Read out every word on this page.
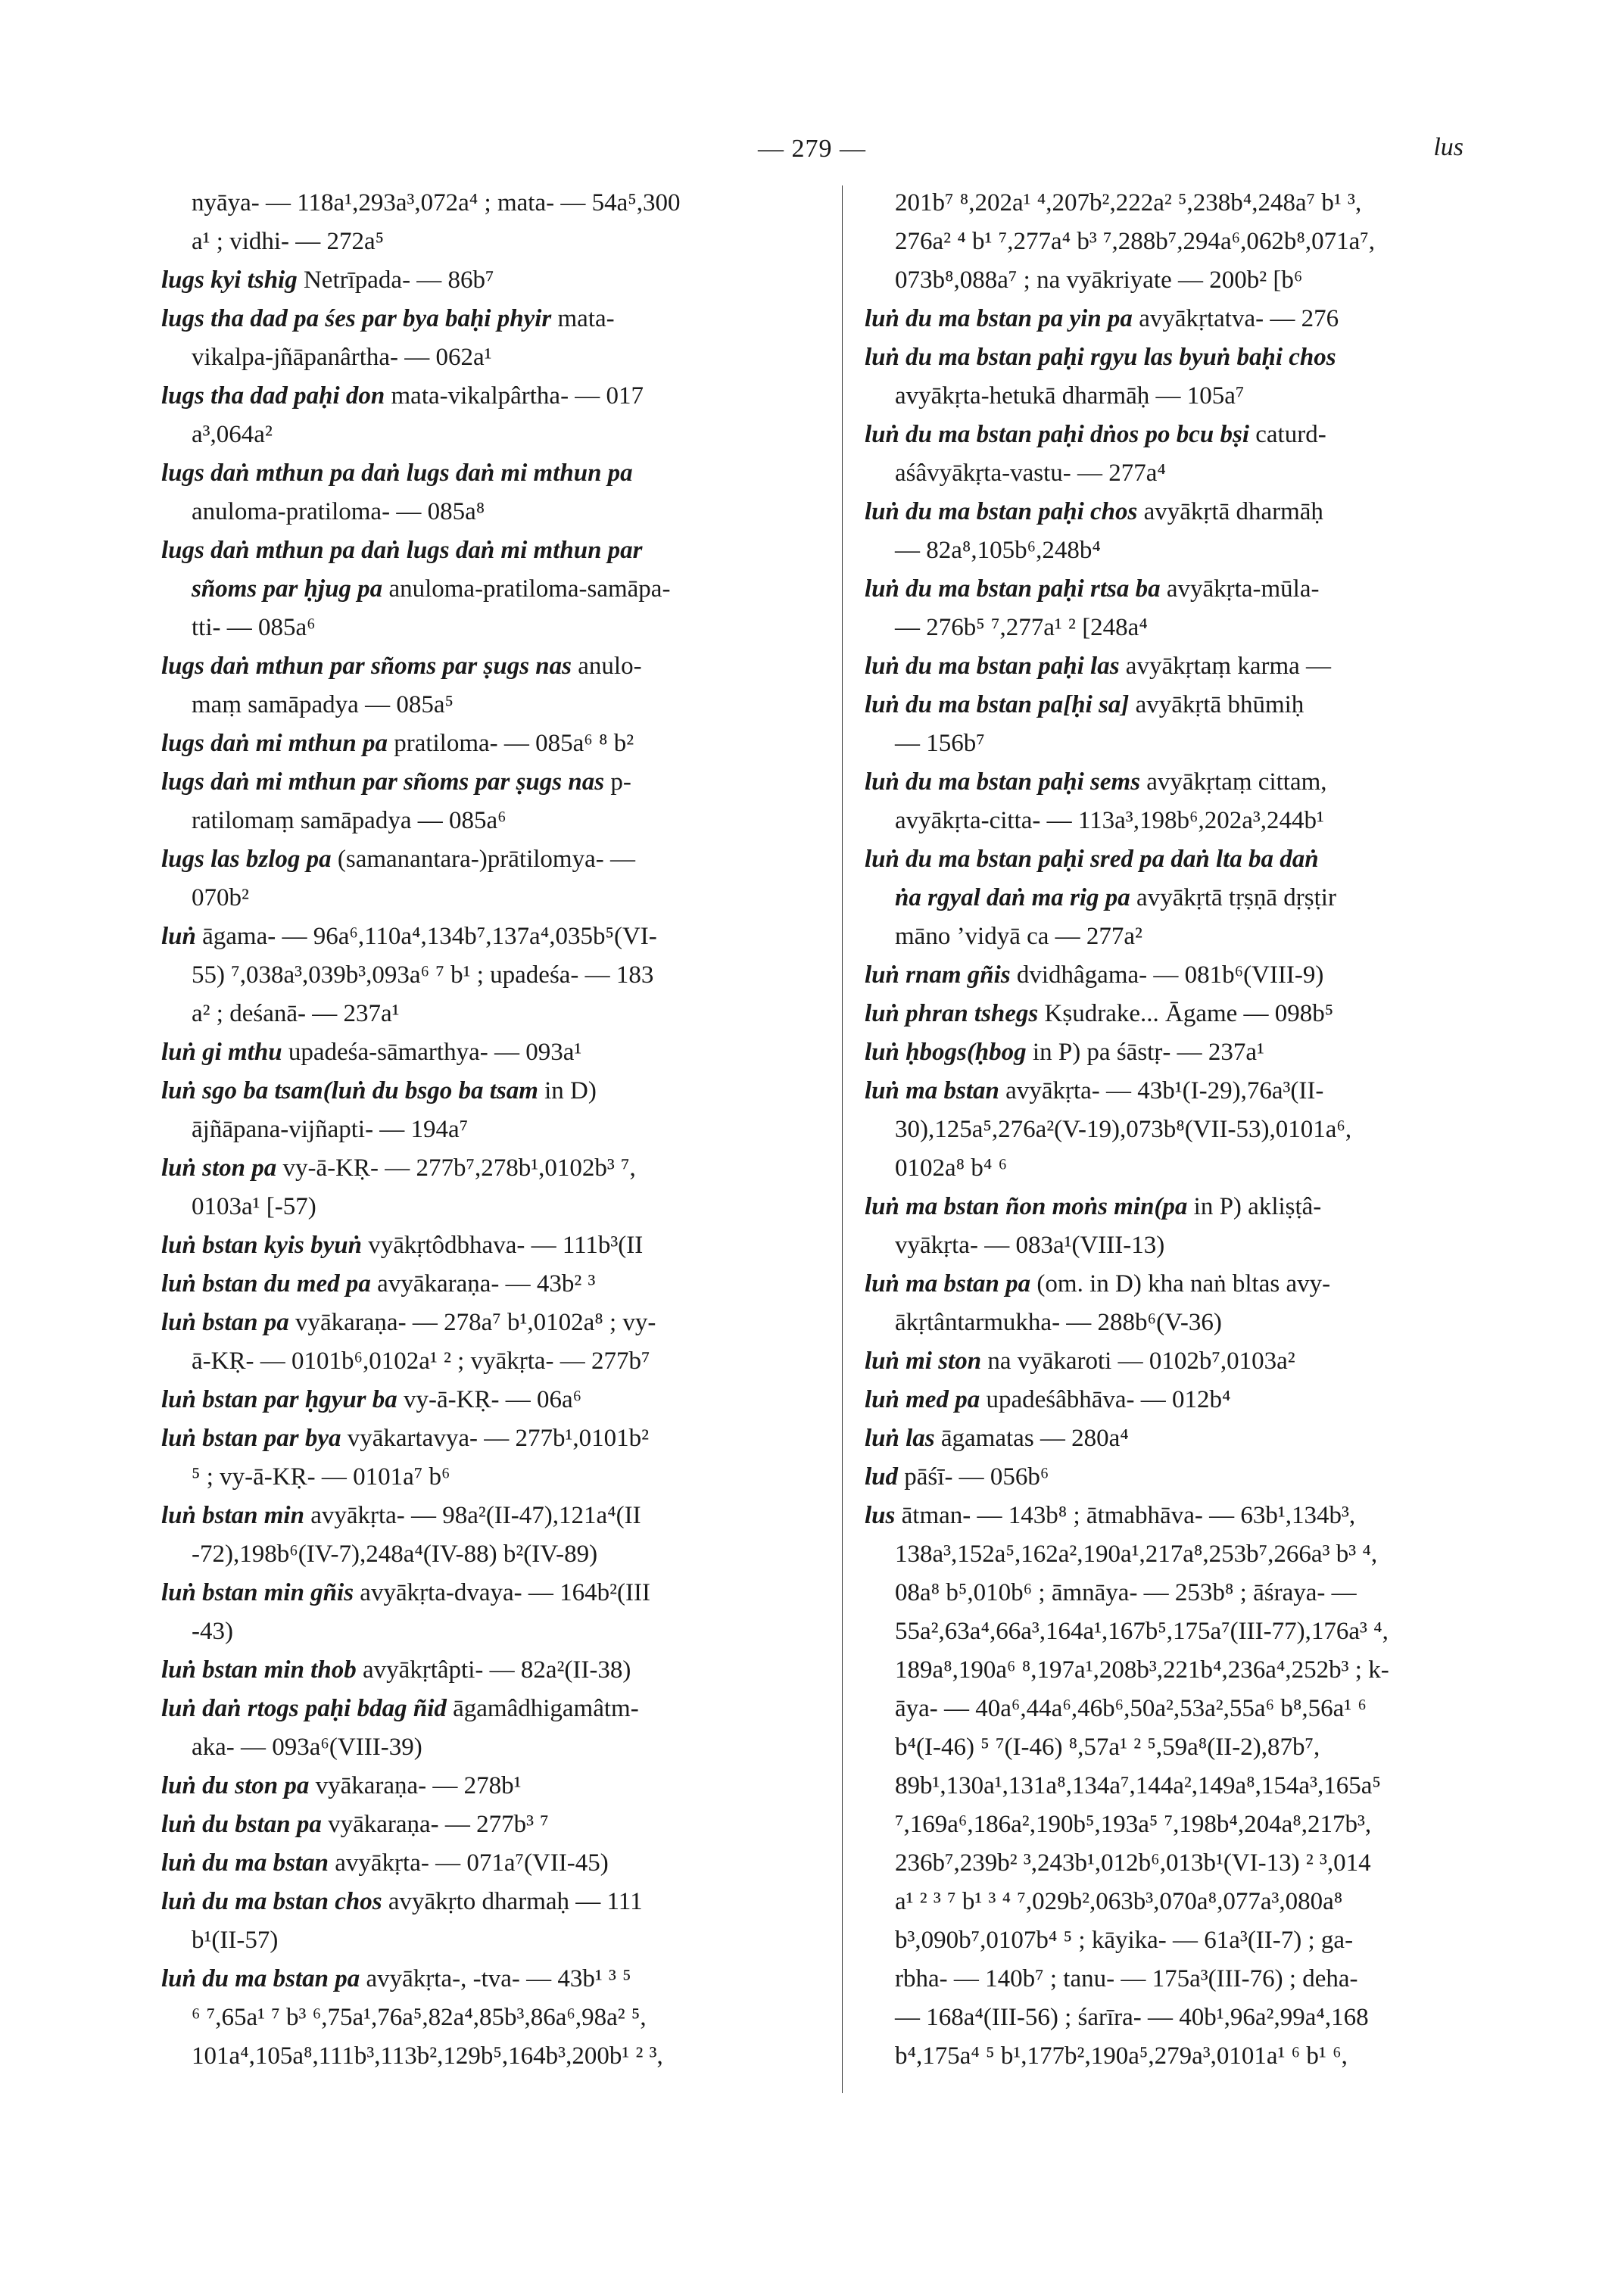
— 279 —	lus
nyāya- — 118a¹,293a³,072a⁴ ; mata- — 54a⁵,300
a¹ ; vidhi- — 272a⁵
lugs kyi tshig Netrīpada- — 86b⁷
lugs tha dad pa śes par bya baḥi phyir mata-
vikalpa-jñāpanârtha- — 062a¹
lugs tha dad paḥi don mata-vikalpârtha- — 017
a³,064a²
lugs daṅ mthun pa daṅ lugs daṅ mi mthun pa
anuloma-pratiloma- — 085a⁸
lugs daṅ mthun pa daṅ lugs daṅ mi mthun par
sñoms par ḥjug pa anuloma-pratiloma-samāpa-
tti- — 085a⁶
lugs daṅ mthun par sñoms par ṣugs nas anulo-
maṃ samāpadya — 085a⁵
lugs daṅ mi mthun pa pratiloma- — 085a⁶ ⁸ b²
lugs daṅ mi mthun par sñoms par ṣugs nas p-
ratilomaṃ samāpadya — 085a⁶
lugs las bzlog pa (samanantara-)prātilomya- —
070b²
luṅ āgama- — 96a⁶,110a⁴,134b⁷,137a⁴,035b⁵(VI-
55) ⁷,038a³,039b³,093a⁶ ⁷ b¹ ; upadeśa- — 183
a² ; deśanā- — 237a¹
luṅ gi mthu upadeśa-sāmarthya- — 093a¹
luṅ sgo ba tsam(luṅ du bsgo ba tsam in D)
ājñāpana-vijñapti- — 194a⁷
luṅ ston pa vy-ā-KṚ- — 277b⁷,278b¹,0102b³ ⁷,
0103a¹ [-57)
luṅ bstan kyis byuṅ vyākṛtôdbhava- — 111b³(II
luṅ bstan du med pa avyākaraṇa- — 43b² ³
luṅ bstan pa vyākaraṇa- — 278a⁷ b¹,0102a⁸ ; vy-
ā-KṚ- — 0101b⁶,0102a¹ ² ; vyākṛta- — 277b⁷
luṅ bstan par ḥgyur ba vy-ā-KṚ- — 06a⁶
luṅ bstan par bya vyākartavya- — 277b¹,0101b²
⁵ ; vy-ā-KṚ- — 0101a⁷ b⁶
luṅ bstan min avyākṛta- — 98a²(II-47),121a⁴(II
-72),198b⁶(IV-7),248a⁴(IV-88) b²(IV-89)
luṅ bstan min gñis avyākṛta-dvaya- — 164b²(III
-43)
luṅ bstan min thob avyākṛtâpti- — 82a²(II-38)
luṅ daṅ rtogs paḥi bdag ñid āgamâdhigamâtm-
aka- — 093a⁶(VIII-39)
luṅ du ston pa vyākaraṇa- — 278b¹
luṅ du bstan pa vyākaraṇa- — 277b³ ⁷
luṅ du ma bstan avyākṛta- — 071a⁷(VII-45)
luṅ du ma bstan chos avyākṛto dharmaḥ — 111
b¹(II-57)
luṅ du ma bstan pa avyākṛta-, -tva- — 43b¹ ³ ⁵
⁶ ⁷,65a¹ ⁷ b³ ⁶,75a¹,76a⁵,82a⁴,85b³,86a⁶,98a² ⁵,
101a⁴,105a⁸,111b³,113b²,129b⁵,164b³,200b¹ ² ³,
201b⁷ ⁸,202a¹ ⁴,207b²,222a² ⁵,238b⁴,248a⁷ b¹ ³,
276a² ⁴ b¹ ⁷,277a⁴ b³ ⁷,288b⁷,294a⁶,062b⁸,071a⁷,
073b⁸,088a⁷ ; na vyākriyate — 200b² [b⁶
luṅ du ma bstan pa yin pa avyākṛtatva- — 276
luṅ du ma bstan paḥi rgyu las byuṅ baḥi chos
avyākṛta-hetukā dharmāḥ — 105a⁷
luṅ du ma bstan paḥi dṅos po bcu bṣi caturd-
aśâvyākṛta-vastu- — 277a⁴
luṅ du ma bstan paḥi chos avyākṛtā dharmāḥ
— 82a⁸,105b⁶,248b⁴
luṅ du ma bstan paḥi rtsa ba avyākṛta-mūla-
— 276b⁵ ⁷,277a¹ ² [248a⁴
luṅ du ma bstan paḥi las avyākṛtaṃ karma —
luṅ du ma bstan pa[ḥi sa] avyākṛtā bhūmiḥ
— 156b⁷
luṅ du ma bstan paḥi sems avyākṛtaṃ cittam,
avyākṛta-citta- — 113a³,198b⁶,202a³,244b¹
luṅ du ma bstan paḥi sred pa daṅ lta ba daṅ
ṅa rgyal daṅ ma rig pa avyākṛtā tṛṣṇā dṛṣṭir
māno ’vidyā ca — 277a²
luṅ rnam gñis dvidhâgama- — 081b⁶(VIII-9)
luṅ phran tshegs Kṣudrake... Āgame — 098b⁵
luṅ ḥbogs(ḥbog in P) pa śāstṛ- — 237a¹
luṅ ma bstan avyākṛta- — 43b¹(I-29),76a³(II-
30),125a⁵,276a²(V-19),073b⁸(VII-53),0101a⁶,
0102a⁸ b⁴ ⁶
luṅ ma bstan ñon moṅs min(pa in P) akliṣṭâ-
vyākṛta- — 083a¹(VIII-13)
luṅ ma bstan pa (om. in D) kha naṅ bltas avy-
ākṛtântarmukha- — 288b⁶(V-36)
luṅ mi ston na vyākaroti — 0102b⁷,0103a²
luṅ med pa upadeśâbhāva- — 012b⁴
luṅ las āgamatas — 280a⁴
lud pāśī- — 056b⁶
lus ātman- — 143b⁸ ; ātmabhāva- — 63b¹,134b³,
138a³,152a⁵,162a²,190a¹,217a⁸,253b⁷,266a³ b³ ⁴,
08a⁸ b⁵,010b⁶ ; āmnāya- — 253b⁸ ; āśraya- —
55a²,63a⁴,66a³,164a¹,167b⁵,175a⁷(III-77),176a³ ⁴,
189a⁸,190a⁶ ⁸,197a¹,208b³,221b⁴,236a⁴,252b³ ; k-
āya- — 40a⁶,44a⁶,46b⁶,50a²,53a²,55a⁶ b⁸,56a¹ ⁶
b⁴(I-46) ⁵ ⁷(I-46) ⁸,57a¹ ² ⁵,59a⁸(II-2),87b⁷,
89b¹,130a¹,131a⁸,134a⁷,144a²,149a⁸,154a³,165a⁵
⁷,169a⁶,186a²,190b⁵,193a⁵ ⁷,198b⁴,204a⁸,217b³,
236b⁷,239b² ³,243b¹,012b⁶,013b¹(VI-13) ² ³,014
a¹ ² ³ ⁷ b¹ ³ ⁴ ⁷,029b²,063b³,070a⁸,077a³,080a⁸
b³,090b⁷,0107b⁴ ⁵ ; kāyika- — 61a³(II-7) ; ga-
rbha- — 140b⁷ ; tanu- — 175a³(III-76) ; deha-
— 168a⁴(III-56) ; śarīra- — 40b¹,96a²,99a⁴,168
b⁴,175a⁴ ⁵ b¹,177b²,190a⁵,279a³,0101a¹ ⁶ b¹ ⁶,
